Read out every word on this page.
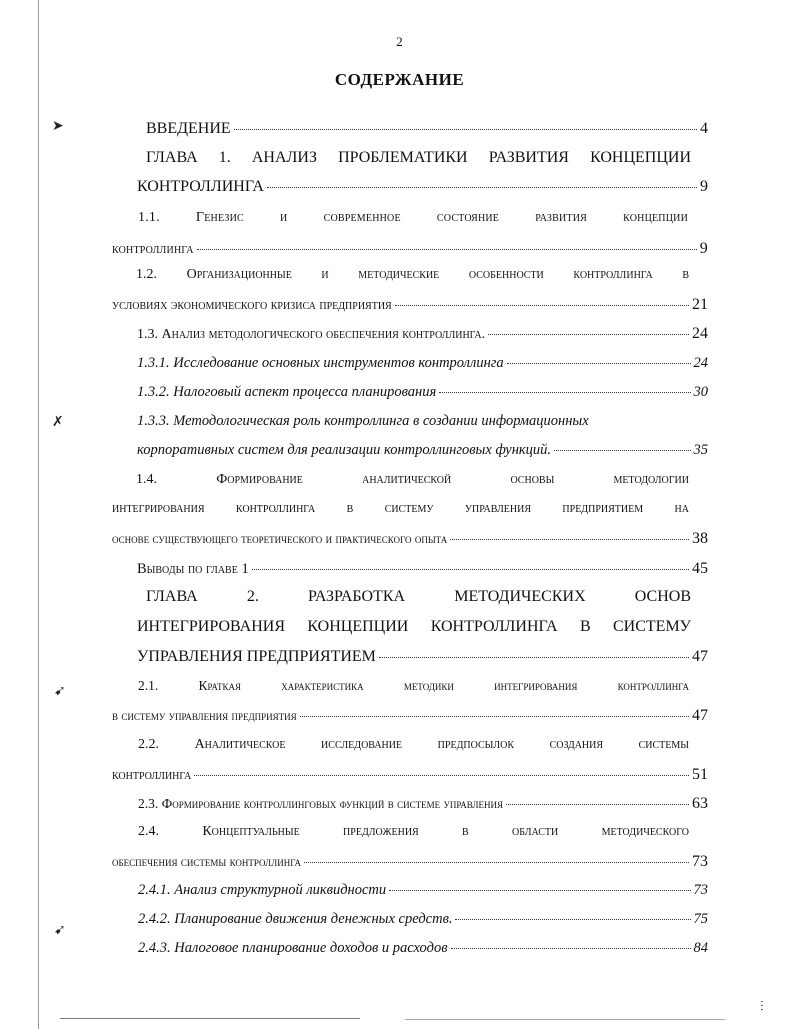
➤
✗
➹
➹
⫶
2
СОДЕРЖАНИЕ
ВВЕДЕНИЕ	4
ГЛАВА 1. АНАЛИЗ ПРОБЛЕМАТИКИ РАЗВИТИЯ КОНЦЕПЦИИ
КОНТРОЛЛИНГА	9
1.1. Генезис и современное состояние развития концепции
контроллинга	9
1.2. Организационные и методические особенности контроллинга в
условиях экономического кризиса предприятия	21
1.3. Анализ методологического обеспечения контроллинга.	24
1.3.1. Исследование основных инструментов контроллинга	24
1.3.2. Налоговый аспект процесса планирования	30
1.3.3. Методологическая роль контроллинга в создании информационных
корпоративных систем для реализации контроллинговых функций.	35
1.4. Формирование аналитической основы методологии
интегрирования контроллинга в систему управления предприятием на
основе существующего теоретического и практического опыта	38
Выводы по главе 1	45
ГЛАВА 2. РАЗРАБОТКА МЕТОДИЧЕСКИХ ОСНОВ
ИНТЕГРИРОВАНИЯ КОНЦЕПЦИИ КОНТРОЛЛИНГА В СИСТЕМУ
УПРАВЛЕНИЯ ПРЕДПРИЯТИЕМ	47
2.1. Краткая характеристика методики интегрирования контроллинга
в систему управления предприятия	47
2.2. Аналитическое исследование предпосылок создания системы
контроллинга	51
2.3. Формирование контроллинговых функций в системе управления	63
2.4. Концептуальные предложения в области методического
обеспечения системы контроллинга	73
2.4.1. Анализ структурной ликвидности	73
2.4.2. Планирование движения денежных средств.	75
2.4.3. Налоговое планирование доходов и расходов	84
